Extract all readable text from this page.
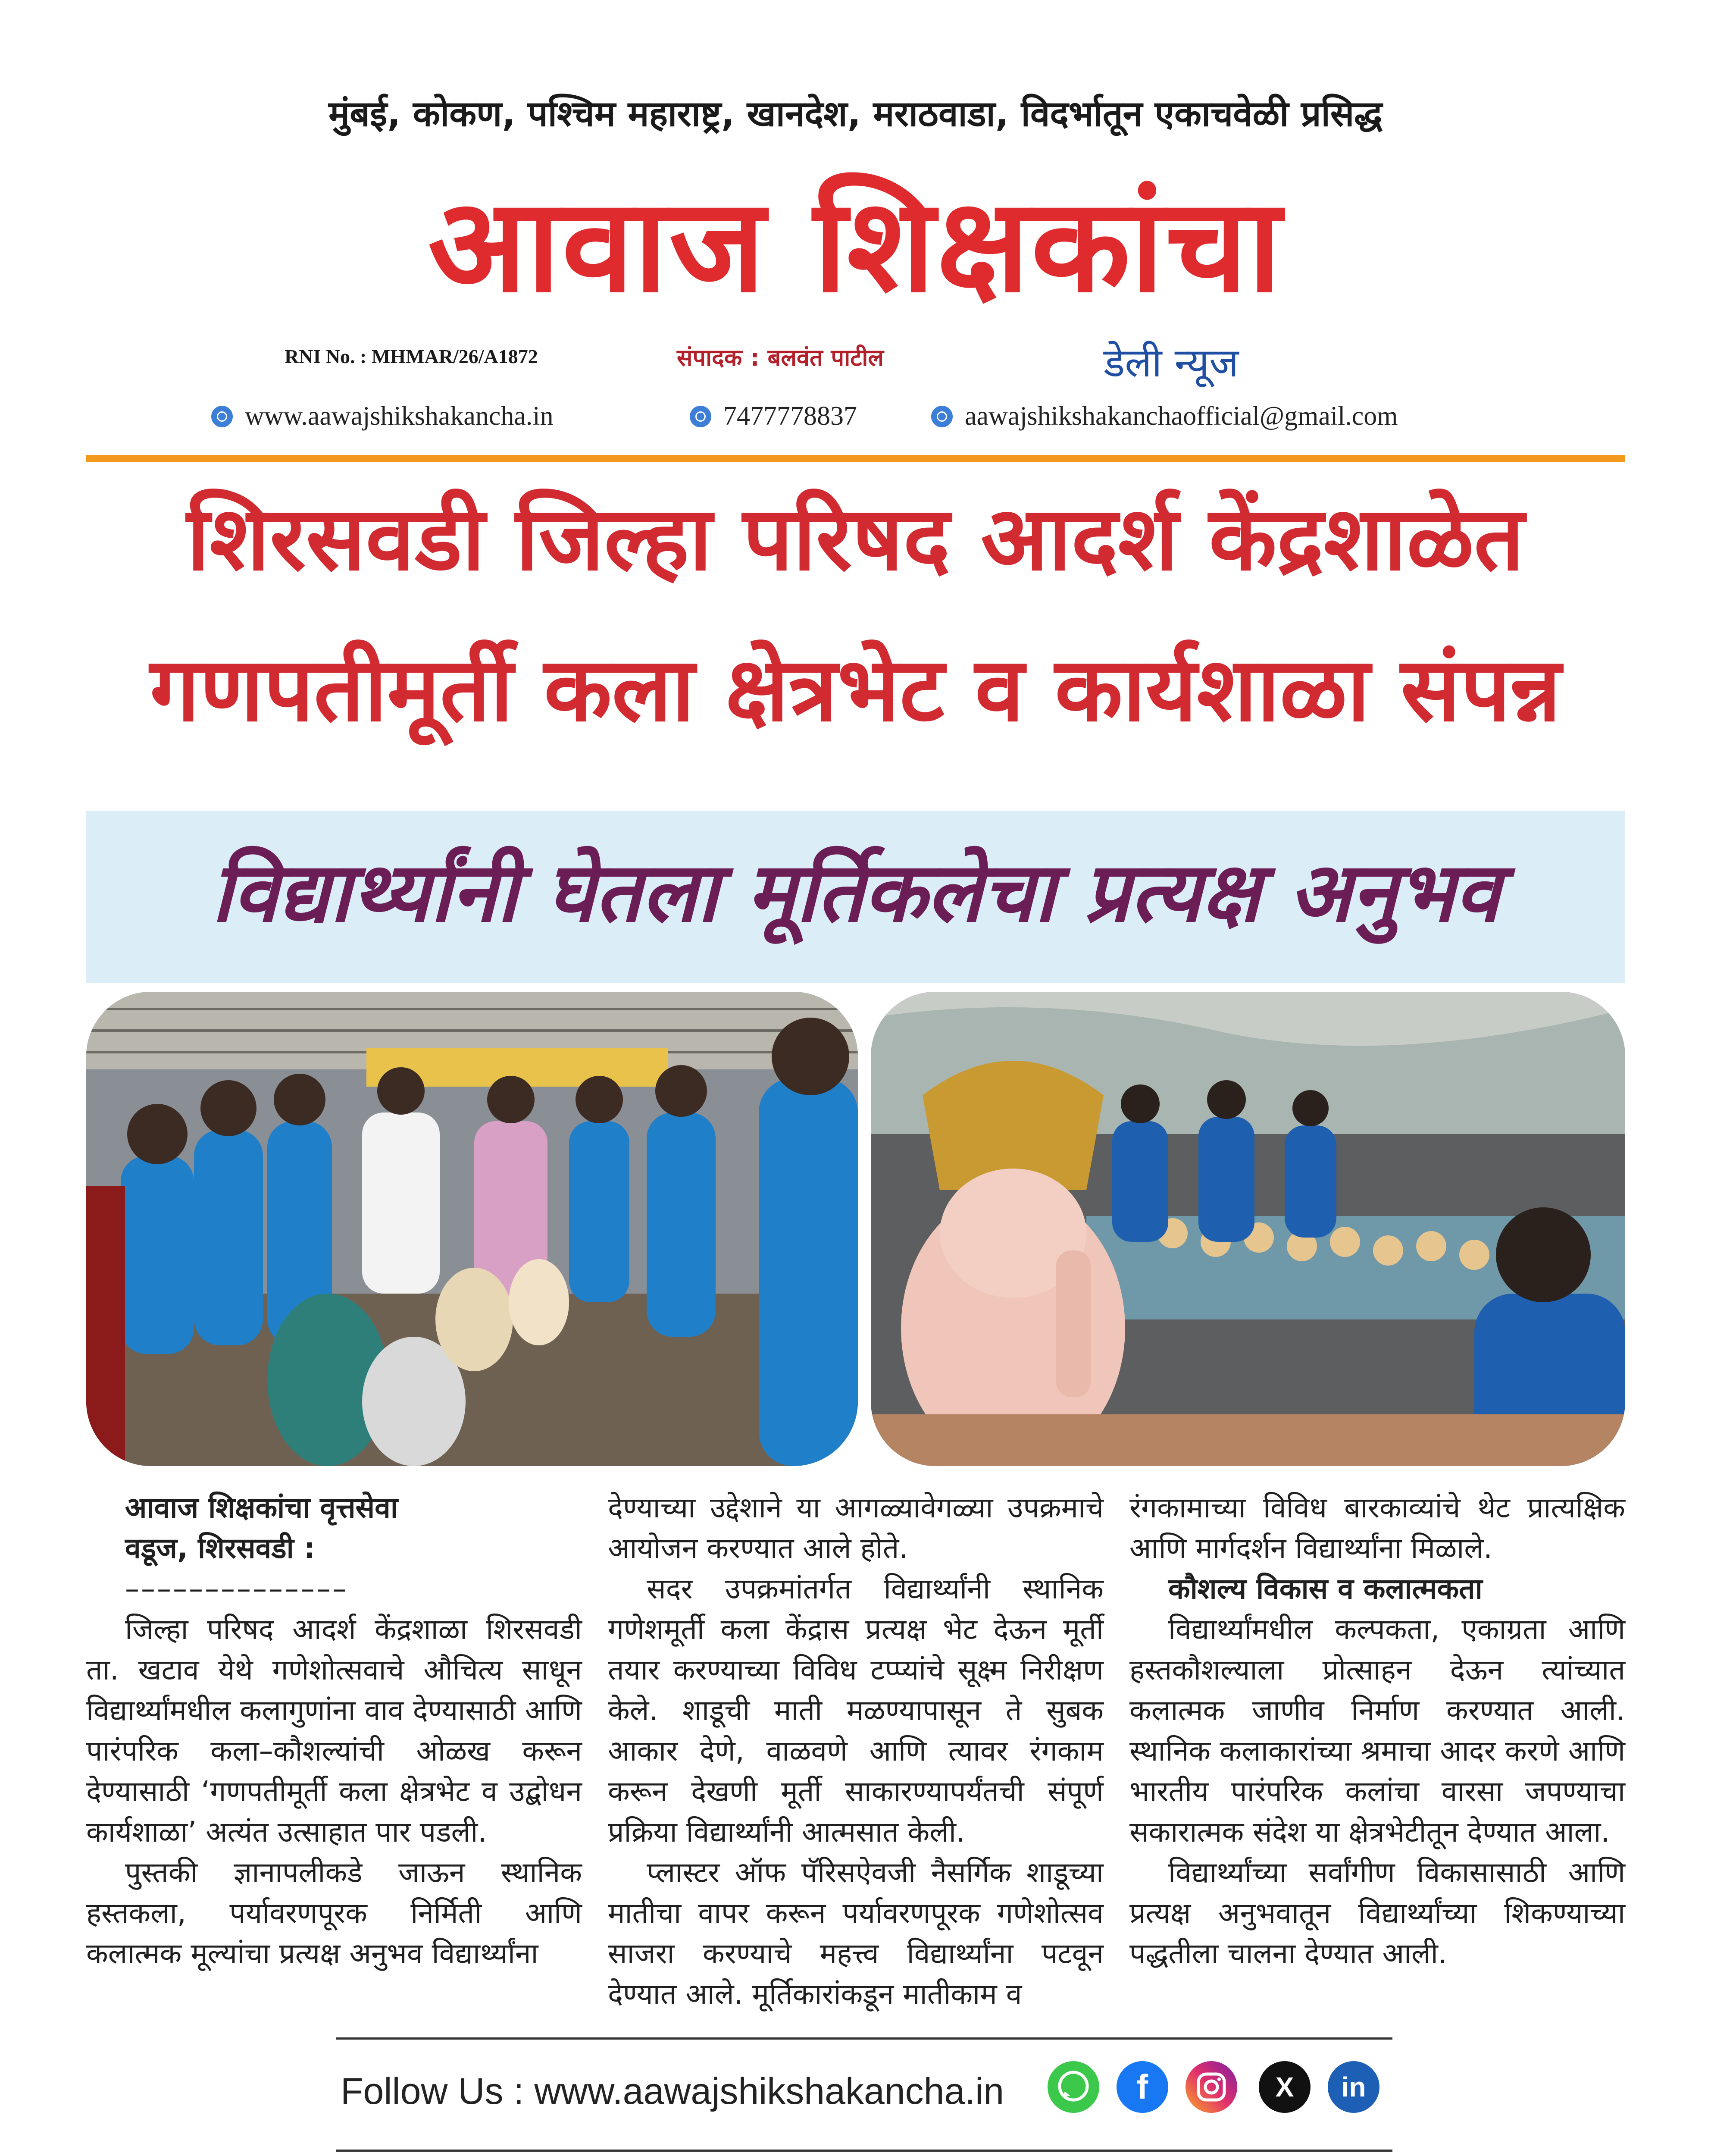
मुंबई, कोकण, पश्चिम महाराष्ट्र, खानदेश, मराठवाडा, विदर्भातून एकाचवेळी प्रसिद्ध
आवाज शिक्षकांचा
RNI No. : MHMAR/26/A1872	संपादक : बलवंत पाटील	डेली न्यूज
www.aawajshikshakancha.in	7477778837	aawajshikshakanchaofficial@gmail.com
शिरसवडी जिल्हा परिषद आदर्श केंद्रशाळेत
गणपतीमूर्ती कला क्षेत्रभेट व कार्यशाळा संपन्न
विद्यार्थ्यांनी घेतला मूर्तिकलेचा प्रत्यक्ष अनुभव

आवाज शिक्षकांचा वृत्तसेवा

वडूज, शिरसवडी :

––––––––––––––

जिल्हा परिषद आदर्श केंद्रशाळा शिरसवडी ता. खटाव येथे गणेशोत्सवाचे औचित्य साधून विद्यार्थ्यांमधील कलागुणांना वाव देण्यासाठी आणि पारंपरिक कला–कौशल्यांची ओळख करून देण्यासाठी ‘गणपतीमूर्ती कला क्षेत्रभेट व उद्बोधन कार्यशाळा’ अत्यंत उत्साहात पार पडली.

पुस्तकी ज्ञानापलीकडे जाऊन स्थानिक हस्तकला, पर्यावरणपूरक निर्मिती आणि कलात्मक मूल्यांचा प्रत्यक्ष अनुभव विद्यार्थ्यांना

देण्याच्या उद्देशाने या आगळ्यावेगळ्या उपक्रमाचे आयोजन करण्यात आले होते.

सदर उपक्रमांतर्गत विद्यार्थ्यांनी स्थानिक गणेशमूर्ती कला केंद्रास प्रत्यक्ष भेट देऊन मूर्ती तयार करण्याच्या विविध टप्प्यांचे सूक्ष्म निरीक्षण केले. शाडूची माती मळण्यापासून ते सुबक आकार देणे, वाळवणे आणि त्यावर रंगकाम करून देखणी मूर्ती साकारण्यापर्यंतची संपूर्ण प्रक्रिया विद्यार्थ्यांनी आत्मसात केली.

प्लास्टर ऑफ पॅरिसऐवजी नैसर्गिक शाडूच्या मातीचा वापर करून पर्यावरणपूरक गणेशोत्सव साजरा करण्याचे महत्त्व विद्यार्थ्यांना पटवून देण्यात आले. मूर्तिकारांकडून मातीकाम व

रंगकामाच्या विविध बारकाव्यांचे थेट प्रात्यक्षिक आणि मार्गदर्शन विद्यार्थ्यांना मिळाले.

कौशल्य विकास व कलात्मकता

विद्यार्थ्यांमधील कल्पकता, एकाग्रता आणि हस्तकौशल्याला प्रोत्साहन देऊन त्यांच्यात कलात्मक जाणीव निर्माण करण्यात आली. स्थानिक कलाकारांच्या श्रमाचा आदर करणे आणि भारतीय पारंपरिक कलांचा वारसा जपण्याचा सकारात्मक संदेश या क्षेत्रभेटीतून देण्यात आला.

विद्यार्थ्यांच्या सर्वांगीण विकासासाठी आणि प्रत्यक्ष अनुभवातून विद्यार्थ्यांच्या शिकण्याच्या पद्धतीला चालना देण्यात आली.

Follow Us : www.aawajshikshakancha.in	f	X	in
